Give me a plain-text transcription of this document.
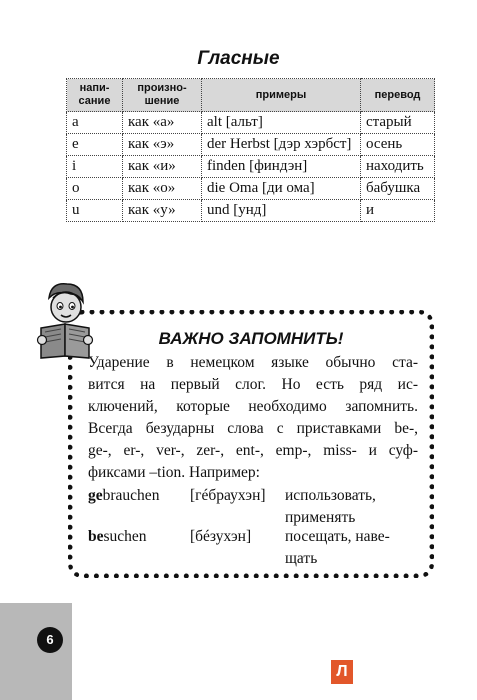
Гласные
напи-
сание	произно-
шение	примеры	перевод
а	как «а»	alt [альт]	старый
е	как «э»	der Herbst [дэр хэрбст]	осень
i	как «и»	finden [финдэн]	находить
о	как «о»	die Oma [ди ома]	бабушка
u	как «у»	und [унд]	и
ВАЖНО ЗАПОМНИТЬ!
Ударение в немецком языке обычно ста-
вится на первый слог. Но есть ряд ис-
ключений, которые необходимо запомнить.
Всегда безударны слова с приставками be-,
ge-, er-, ver-, zer-, ent-, emp-, miss- и суф-
фиксами –tion. Например:
gebrauchen [гéбраухэн] использовать,
применять
besuchen	[бéзухэн] посещать, наве-
щать
6
Л
